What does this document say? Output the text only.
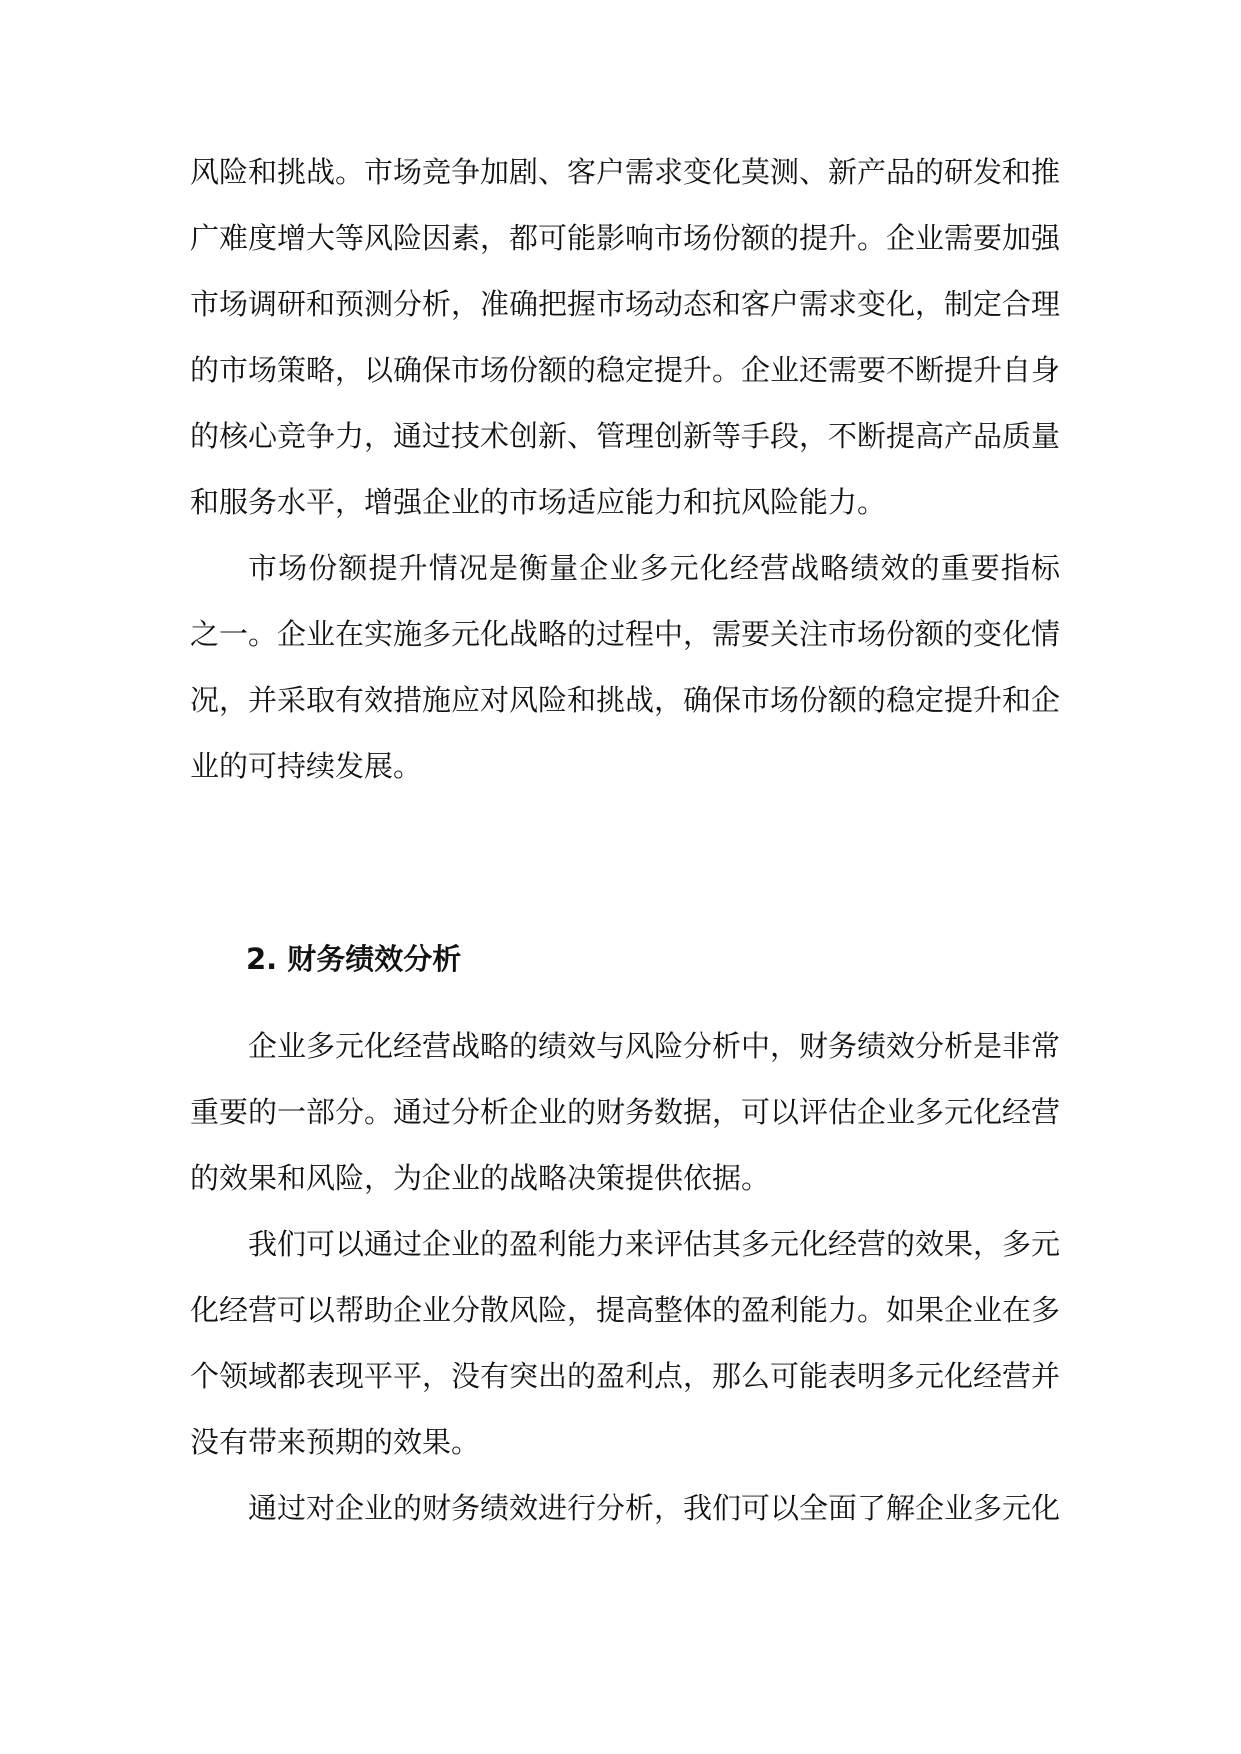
风险和挑战。市场竞争加剧、客户需求变化莫测、新产品的研发和推
广难度增大等风险因素，都可能影响市场份额的提升。企业需要加强
市场调研和预测分析，准确把握市场动态和客户需求变化，制定合理
的市场策略，以确保市场份额的稳定提升。企业还需要不断提升自身
的核心竞争力，通过技术创新、管理创新等手段，不断提高产品质量
和服务水平，增强企业的市场适应能力和抗风险能力。
市场份额提升情况是衡量企业多元化经营战略绩效的重要指标
之一。企业在实施多元化战略的过程中，需要关注市场份额的变化情
况，并采取有效措施应对风险和挑战，确保市场份额的稳定提升和企
业的可持续发展。
2. 财务绩效分析
企业多元化经营战略的绩效与风险分析中，财务绩效分析是非常
重要的一部分。通过分析企业的财务数据，可以评估企业多元化经营
的效果和风险，为企业的战略决策提供依据。
我们可以通过企业的盈利能力来评估其多元化经营的效果，多元
化经营可以帮助企业分散风险，提高整体的盈利能力。如果企业在多
个领域都表现平平，没有突出的盈利点，那么可能表明多元化经营并
没有带来预期的效果。
通过对企业的财务绩效进行分析，我们可以全面了解企业多元化
